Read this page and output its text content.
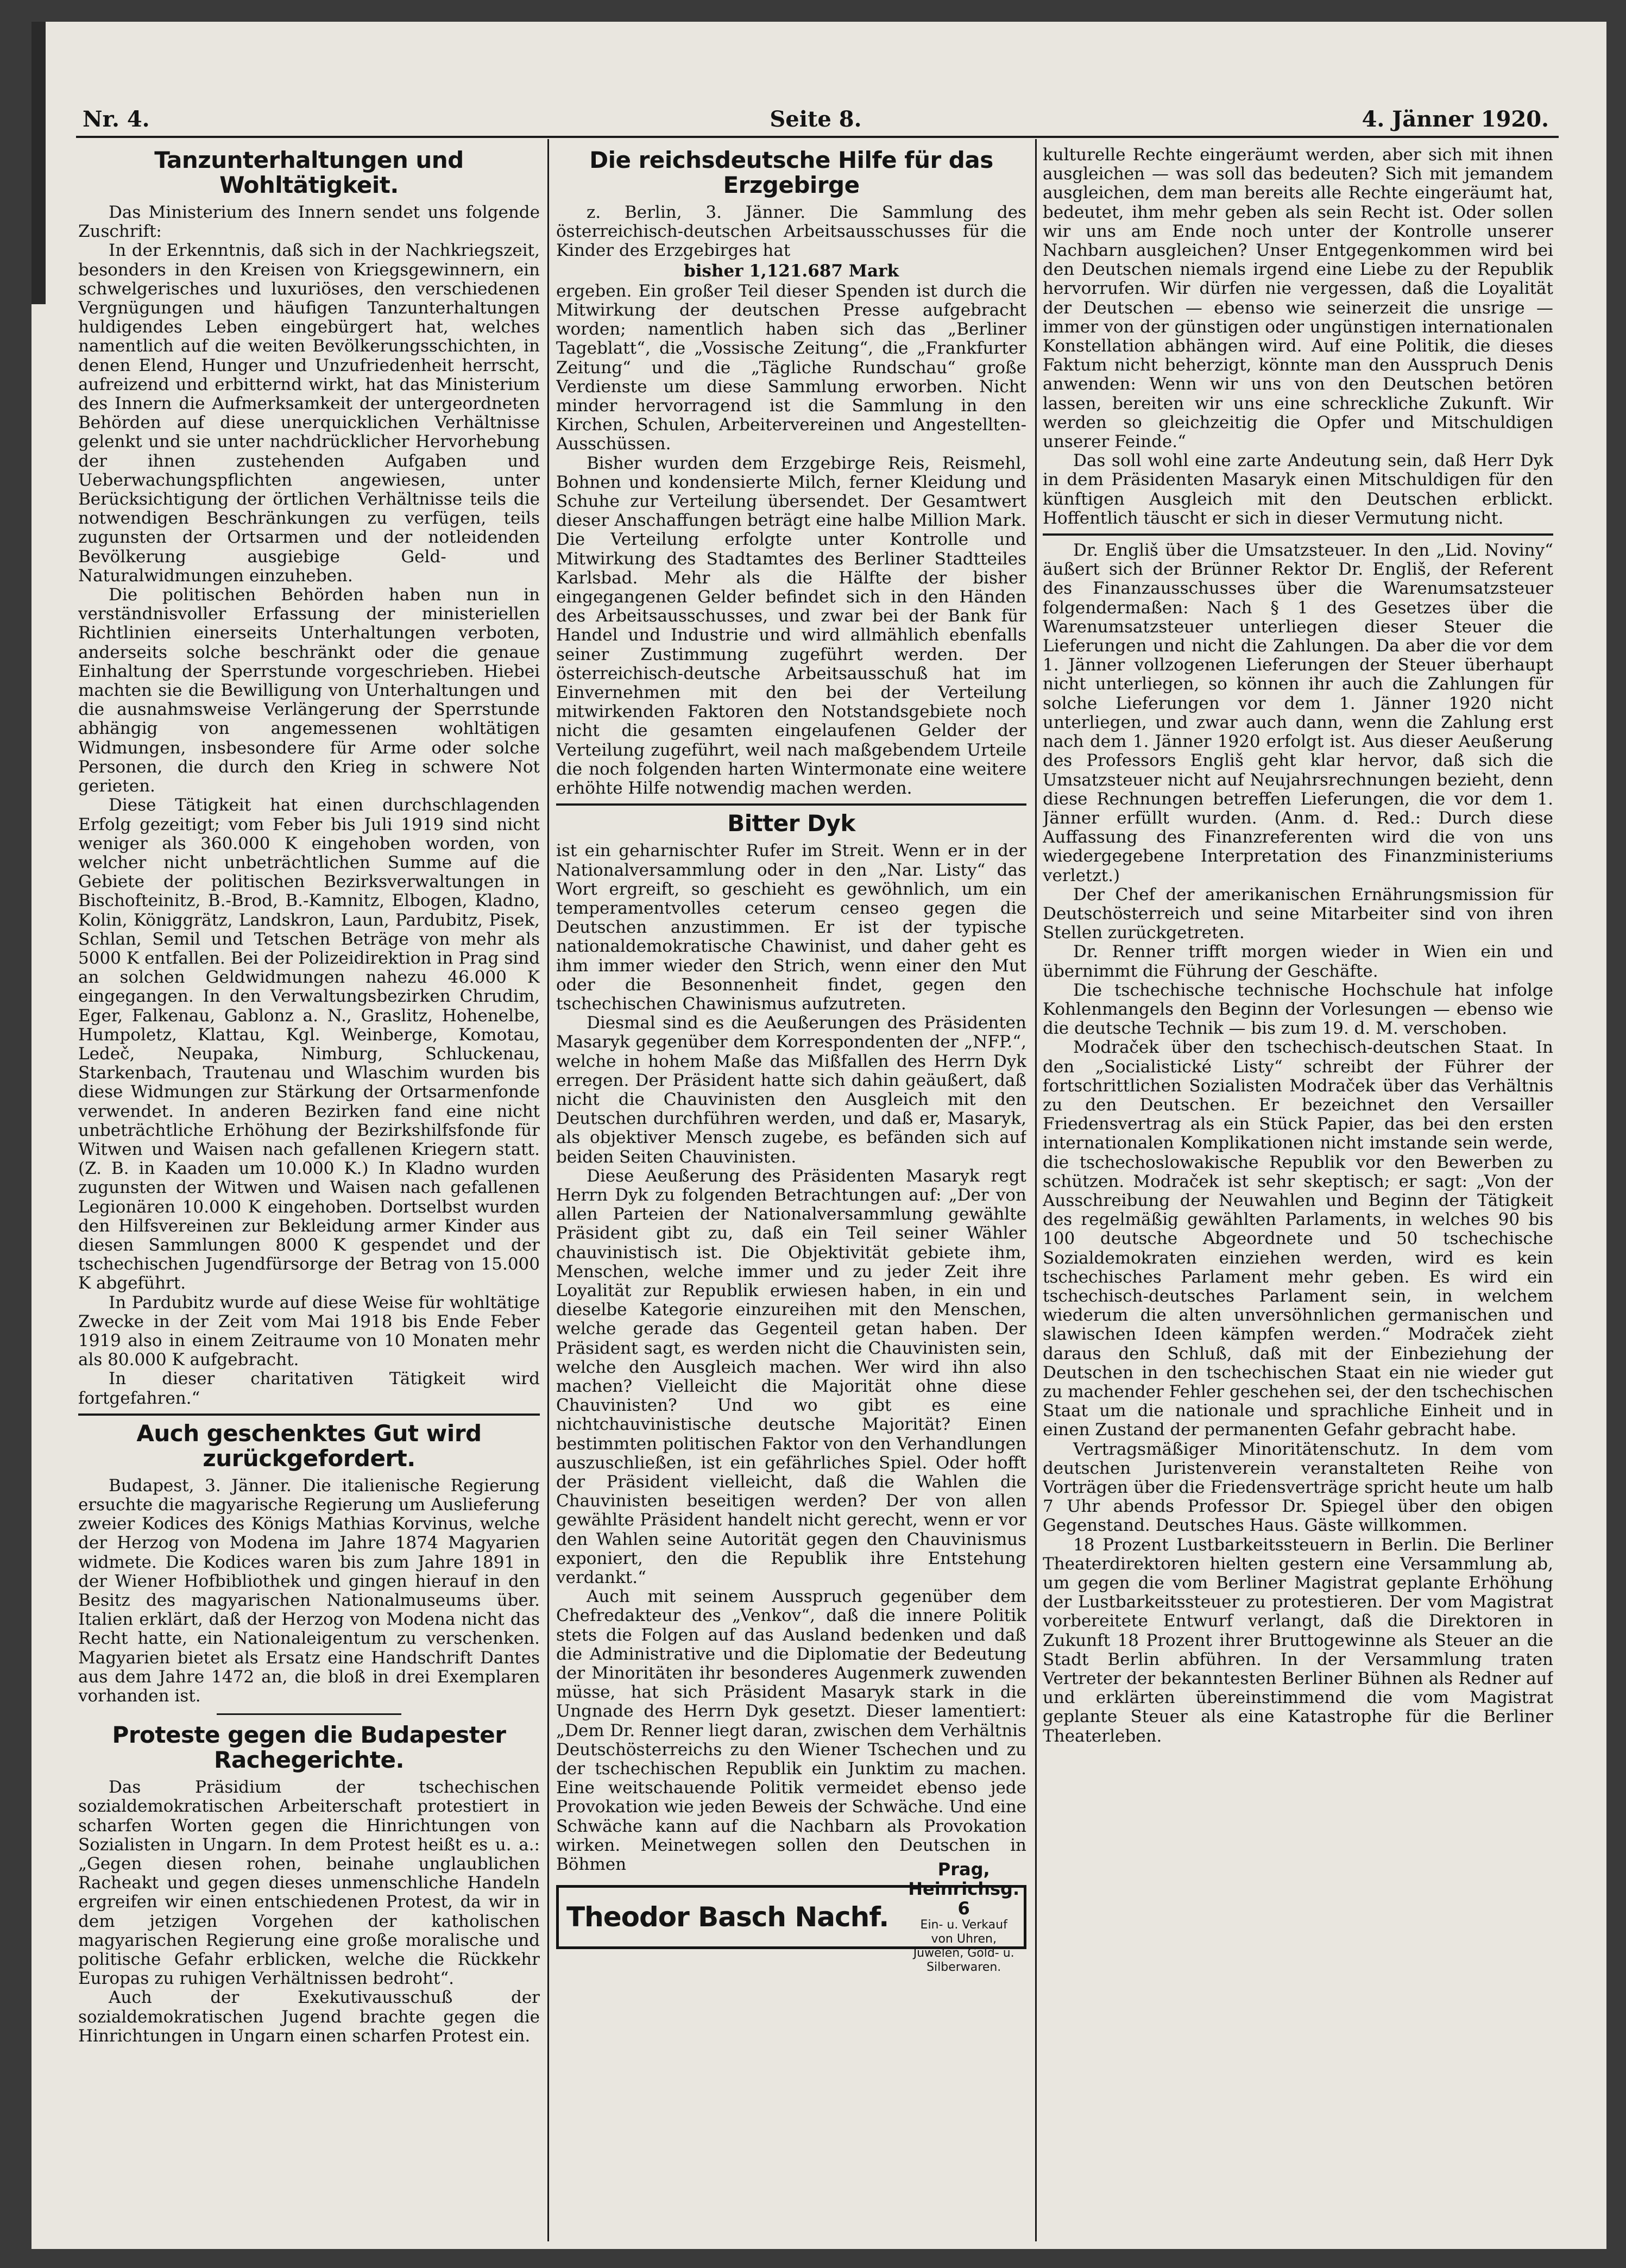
Nr. 4.	Seite 8.	4. Jänner 1920.
Tanzunterhaltungen und Wohltätigkeit.

Das Ministerium des Innern sendet uns folgende Zuschrift:

In der Erkenntnis, daß sich in der Nachkriegszeit, besonders in den Kreisen von Kriegsgewinnern, ein schwelgerisches und luxuriöses, den verschiedenen Vergnügungen und häufigen Tanzunterhaltungen huldigendes Leben eingebürgert hat, welches namentlich auf die weiten Bevölkerungsschichten, in denen Elend, Hunger und Unzufriedenheit herrscht, aufreizend und erbitternd wirkt, hat das Ministerium des Innern die Aufmerksamkeit der untergeordneten Behörden auf diese unerquicklichen Verhältnisse gelenkt und sie unter nachdrücklicher Hervorhebung der ihnen zustehenden Aufgaben und Ueberwachungspflichten angewiesen, unter Berücksichtigung der örtlichen Verhältnisse teils die notwendigen Beschränkungen zu verfügen, teils zugunsten der Ortsarmen und der notleidenden Bevölkerung ausgiebige Geld- und Naturalwidmungen einzuheben.

Die politischen Behörden haben nun in verständnisvoller Erfassung der ministeriellen Richtlinien einerseits Unterhaltungen verboten, anderseits solche beschränkt oder die genaue Einhaltung der Sperrstunde vorgeschrieben. Hiebei machten sie die Bewilligung von Unterhaltungen und die ausnahmsweise Verlängerung der Sperrstunde abhängig von angemessenen wohltätigen Widmungen, insbesondere für Arme oder solche Personen, die durch den Krieg in schwere Not gerieten.

Diese Tätigkeit hat einen durchschlagenden Erfolg gezeitigt; vom Feber bis Juli 1919 sind nicht weniger als 360.000 K eingehoben worden, von welcher nicht unbeträchtlichen Summe auf die Gebiete der politischen Bezirksverwaltungen in Bischofteinitz, B.-Brod, B.-Kamnitz, Elbogen, Kladno, Kolin, Königgrätz, Landskron, Laun, Pardubitz, Pisek, Schlan, Semil und Tetschen Beträge von mehr als 5000 K entfallen. Bei der Polizeidirektion in Prag sind an solchen Geldwidmungen nahezu 46.000 K eingegangen. In den Verwaltungsbezirken Chrudim, Eger, Falkenau, Gablonz a. N., Graslitz, Hohenelbe, Humpoletz, Klattau, Kgl. Weinberge, Komotau, Ledeč, Neupaka, Nimburg, Schluckenau, Starkenbach, Trautenau und Wlaschim wurden bis diese Widmungen zur Stärkung der Ortsarmenfonde verwendet. In anderen Bezirken fand eine nicht unbeträchtliche Erhöhung der Bezirkshilfsfonde für Witwen und Waisen nach gefallenen Kriegern statt. (Z. B. in Kaaden um 10.000 K.) In Kladno wurden zugunsten der Witwen und Waisen nach gefallenen Legionären 10.000 K eingehoben. Dortselbst wurden den Hilfsvereinen zur Bekleidung armer Kinder aus diesen Sammlungen 8000 K gespendet und der tschechischen Jugendfürsorge der Betrag von 15.000 K abgeführt.

In Pardubitz wurde auf diese Weise für wohltätige Zwecke in der Zeit vom Mai 1918 bis Ende Feber 1919 also in einem Zeitraume von 10 Monaten mehr als 80.000 K aufgebracht.

In dieser charitativen Tätigkeit wird fortgefahren.“

Auch geschenktes Gut wird zurückgefordert.

Budapest, 3. Jänner. Die italienische Regierung ersuchte die magyarische Regierung um Auslieferung zweier Kodices des Königs Mathias Korvinus, welche der Herzog von Modena im Jahre 1874 Magyarien widmete. Die Kodices waren bis zum Jahre 1891 in der Wiener Hofbibliothek und gingen hierauf in den Besitz des magyarischen Nationalmuseums über. Italien erklärt, daß der Herzog von Modena nicht das Recht hatte, ein Nationaleigentum zu verschenken. Magyarien bietet als Ersatz eine Handschrift Dantes aus dem Jahre 1472 an, die bloß in drei Exemplaren vorhanden ist.

Proteste gegen die Budapester Rachegerichte.

Das Präsidium der tschechischen sozialdemokratischen Arbeiterschaft protestiert in scharfen Worten gegen die Hinrichtungen von Sozialisten in Ungarn. In dem Protest heißt es u. a.: „Gegen diesen rohen, beinahe unglaublichen Racheakt und gegen dieses unmenschliche Handeln ergreifen wir einen entschiedenen Protest, da wir in dem jetzigen Vorgehen der katholischen magyarischen Regierung eine große moralische und politische Gefahr erblicken, welche die Rückkehr Europas zu ruhigen Verhältnissen bedroht“.

Auch der Exekutivausschuß der sozialdemokratischen Jugend brachte gegen die Hinrichtungen in Ungarn einen scharfen Protest ein.

Die reichsdeutsche Hilfe für das Erzgebirge

z. Berlin, 3. Jänner. Die Sammlung des österreichisch-deutschen Arbeitsausschusses für die Kinder des Erzgebirges hat

bisher 1,121.687 Mark

ergeben. Ein großer Teil dieser Spenden ist durch die Mitwirkung der deutschen Presse aufgebracht worden; namentlich haben sich das „Berliner Tageblatt“, die „Vossische Zeitung“, die „Frankfurter Zeitung“ und die „Tägliche Rundschau“ große Verdienste um diese Sammlung erworben. Nicht minder hervorragend ist die Sammlung in den Kirchen, Schulen, Arbeitervereinen und Angestellten-Ausschüssen.

Bisher wurden dem Erzgebirge Reis, Reismehl, Bohnen und kondensierte Milch, ferner Kleidung und Schuhe zur Verteilung übersendet. Der Gesamtwert dieser Anschaffungen beträgt eine halbe Million Mark. Die Verteilung erfolgte unter Kontrolle und Mitwirkung des Stadtamtes des Berliner Stadtteiles Karlsbad. Mehr als die Hälfte der bisher eingegangenen Gelder befindet sich in den Händen des Arbeitsausschusses, und zwar bei der Bank für Handel und Industrie und wird allmählich ebenfalls seiner Zustimmung zugeführt werden. Der österreichisch-deutsche Arbeitsausschuß hat im Einvernehmen mit den bei der Verteilung mitwirkenden Faktoren den Notstandsgebiete noch nicht die gesamten eingelaufenen Gelder der Verteilung zugeführt, weil nach maßgebendem Urteile die noch folgenden harten Wintermonate eine weitere erhöhte Hilfe notwendig machen werden.

Bitter Dyk

ist ein geharnischter Rufer im Streit. Wenn er in der Nationalversammlung oder in den „Nar. Listy“ das Wort ergreift, so geschieht es gewöhnlich, um ein temperamentvolles ceterum censeo gegen die Deutschen anzustimmen. Er ist der typische nationaldemokratische Chawinist, und daher geht es ihm immer wieder den Strich, wenn einer den Mut oder die Besonnenheit findet, gegen den tschechischen Chawinismus aufzutreten.

Diesmal sind es die Aeußerungen des Präsidenten Masaryk gegenüber dem Korrespondenten der „NFP.“, welche in hohem Maße das Mißfallen des Herrn Dyk erregen. Der Präsident hatte sich dahin geäußert, daß nicht die Chauvinisten den Ausgleich mit den Deutschen durchführen werden, und daß er, Masaryk, als objektiver Mensch zugebe, es befänden sich auf beiden Seiten Chauvinisten.

Diese Aeußerung des Präsidenten Masaryk regt Herrn Dyk zu folgenden Betrachtungen auf: „Der von allen Parteien der Nationalversammlung gewählte Präsident gibt zu, daß ein Teil seiner Wähler chauvinistisch ist. Die Objektivität gebiete ihm, Menschen, welche immer und zu jeder Zeit ihre Loyalität zur Republik erwiesen haben, in ein und dieselbe Kategorie einzureihen mit den Menschen, welche gerade das Gegenteil getan haben. Der Präsident sagt, es werden nicht die Chauvinisten sein, welche den Ausgleich machen. Wer wird ihn also machen? Vielleicht die Majorität ohne diese Chauvinisten? Und wo gibt es eine nichtchauvinistische deutsche Majorität? Einen bestimmten politischen Faktor von den Verhandlungen auszuschließen, ist ein gefährliches Spiel. Oder hofft der Präsident vielleicht, daß die Wahlen die Chauvinisten beseitigen werden? Der von allen gewählte Präsident handelt nicht gerecht, wenn er vor den Wahlen seine Autorität gegen den Chauvinismus exponiert, den die Republik ihre Entstehung verdankt.“

Auch mit seinem Ausspruch gegenüber dem Chefredakteur des „Venkov“, daß die innere Politik stets die Folgen auf das Ausland bedenken und daß die Administrative und die Diplomatie der Bedeutung der Minoritäten ihr besonderes Augenmerk zuwenden müsse, hat sich Präsident Masaryk stark in die Ungnade des Herrn Dyk gesetzt. Dieser lamentiert: „Dem Dr. Renner liegt daran, zwischen dem Verhältnis Deutschösterreichs zu den Wiener Tschechen und zu der tschechischen Republik ein Junktim zu machen. Eine weitschauende Politik vermeidet ebenso jede Provokation wie jeden Beweis der Schwäche. Und eine Schwäche kann auf die Nachbarn als Provokation wirken. Meinetwegen sollen den Deutschen in Böhmen

Theodor Basch Nachf.
Prag, Heinrichsg. 6
Ein- u. Verkauf von Uhren,
Juwelen, Gold- u. Silberwaren.

kulturelle Rechte eingeräumt werden, aber sich mit ihnen ausgleichen — was soll das bedeuten? Sich mit jemandem ausgleichen, dem man bereits alle Rechte eingeräumt hat, bedeutet, ihm mehr geben als sein Recht ist. Oder sollen wir uns am Ende noch unter der Kontrolle unserer Nachbarn ausgleichen? Unser Entgegenkommen wird bei den Deutschen niemals irgend eine Liebe zu der Republik hervorrufen. Wir dürfen nie vergessen, daß die Loyalität der Deutschen — ebenso wie seinerzeit die unsrige — immer von der günstigen oder ungünstigen internationalen Konstellation abhängen wird. Auf eine Politik, die dieses Faktum nicht beherzigt, könnte man den Ausspruch Denis anwenden: Wenn wir uns von den Deutschen betören lassen, bereiten wir uns eine schreckliche Zukunft. Wir werden so gleichzeitig die Opfer und Mitschuldigen unserer Feinde.“

Das soll wohl eine zarte Andeutung sein, daß Herr Dyk in dem Präsidenten Masaryk einen Mitschuldigen für den künftigen Ausgleich mit den Deutschen erblickt. Hoffentlich täuscht er sich in dieser Vermutung nicht.

Dr. Engliš über die Umsatzsteuer. In den „Lid. Noviny“ äußert sich der Brünner Rektor Dr. Engliš, der Referent des Finanzausschusses über die Warenumsatzsteuer folgendermaßen: Nach § 1 des Gesetzes über die Warenumsatzsteuer unterliegen dieser Steuer die Lieferungen und nicht die Zahlungen. Da aber die vor dem 1. Jänner vollzogenen Lieferungen der Steuer überhaupt nicht unterliegen, so können ihr auch die Zahlungen für solche Lieferungen vor dem 1. Jänner 1920 nicht unterliegen, und zwar auch dann, wenn die Zahlung erst nach dem 1. Jänner 1920 erfolgt ist. Aus dieser Aeußerung des Professors Engliš geht klar hervor, daß sich die Umsatzsteuer nicht auf Neujahrsrechnungen bezieht, denn diese Rechnungen betreffen Lieferungen, die vor dem 1. Jänner erfüllt wurden. (Anm. d. Red.: Durch diese Auffassung des Finanzreferenten wird die von uns wiedergegebene Interpretation des Finanzministeriums verletzt.)

Der Chef der amerikanischen Ernährungsmission für Deutschösterreich und seine Mitarbeiter sind von ihren Stellen zurückgetreten.

Dr. Renner trifft morgen wieder in Wien ein und übernimmt die Führung der Geschäfte.

Die tschechische technische Hochschule hat infolge Kohlenmangels den Beginn der Vorlesungen — ebenso wie die deutsche Technik — bis zum 19. d. M. verschoben.

Modraček über den tschechisch-deutschen Staat. In den „Socialistické Listy“ schreibt der Führer der fortschrittlichen Sozialisten Modraček über das Verhältnis zu den Deutschen. Er bezeichnet den Versailler Friedensvertrag als ein Stück Papier, das bei den ersten internationalen Komplikationen nicht imstande sein werde, die tschechoslowakische Republik vor den Bewerben zu schützen. Modraček ist sehr skeptisch; er sagt: „Von der Ausschreibung der Neuwahlen und Beginn der Tätigkeit des regelmäßig gewählten Parlaments, in welches 90 bis 100 deutsche Abgeordnete und 50 tschechische Sozialdemokraten einziehen werden, wird es kein tschechisches Parlament mehr geben. Es wird ein tschechisch-deutsches Parlament sein, in welchem wiederum die alten unversöhnlichen germanischen und slawischen Ideen kämpfen werden.“ Modraček zieht daraus den Schluß, daß mit der Einbeziehung der Deutschen in den tschechischen Staat ein nie wieder gut zu machender Fehler geschehen sei, der den tschechischen Staat um die nationale und sprachliche Einheit und in einen Zustand der permanenten Gefahr gebracht habe.

Vertragsmäßiger Minoritätenschutz. In dem vom deutschen Juristenverein veranstalteten Reihe von Vorträgen über die Friedensverträge spricht heute um halb 7 Uhr abends Professor Dr. Spiegel über den obigen Gegenstand. Deutsches Haus. Gäste willkommen.

18 Prozent Lustbarkeitssteuern in Berlin. Die Berliner Theaterdirektoren hielten gestern eine Versammlung ab, um gegen die vom Berliner Magistrat geplante Erhöhung der Lustbarkeitssteuer zu protestieren. Der vom Magistrat vorbereitete Entwurf verlangt, daß die Direktoren in Zukunft 18 Prozent ihrer Bruttogewinne als Steuer an die Stadt Berlin abführen. In der Versammlung traten Vertreter der bekanntesten Berliner Bühnen als Redner auf und erklärten übereinstimmend die vom Magistrat geplante Steuer als eine Katastrophe für die Berliner Theaterleben.
